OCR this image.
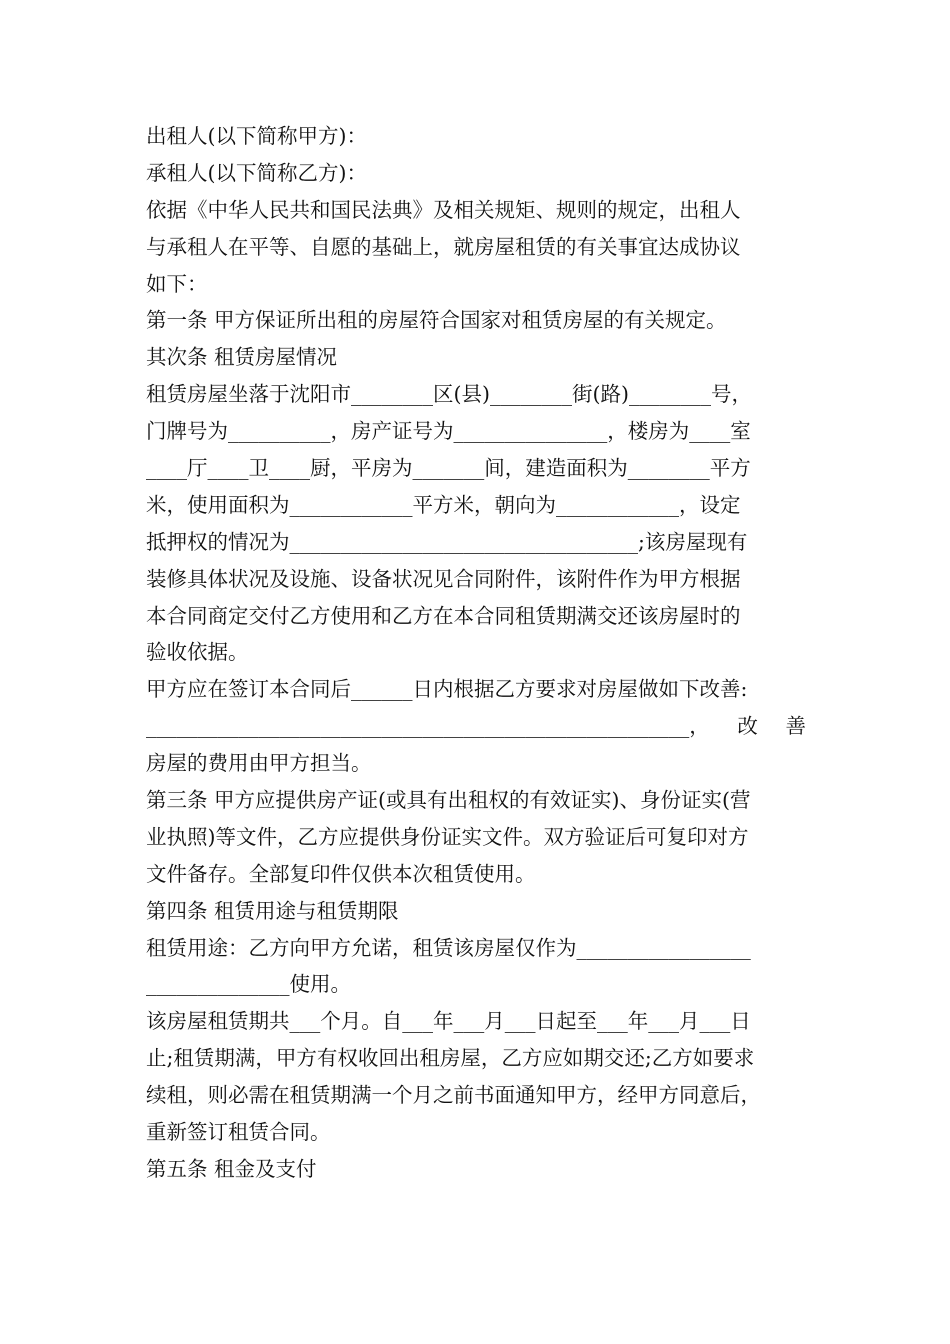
出租人(以下简称甲方)：
承租人(以下简称乙方)：
依据《中华人民共和国民法典》及相关规矩、规则的规定，出租人
与承租人在平等、自愿的基础上，就房屋租赁的有关事宜达成协议
如下：
第一条 甲方保证所出租的房屋符合国家对租赁房屋的有关规定。
其次条 租赁房屋情况
租赁房屋坐落于沈阳市________区(县)________街(路)________号，
门牌号为__________，房产证号为_______________，楼房为____室
____厅____卫____厨，平房为_______间，建造面积为________平方
米，使用面积为____________平方米，朝向为____________，设定
抵押权的情况为__________________________________;该房屋现有
装修具体状况及设施、设备状况见合同附件，该附件作为甲方根据
本合同商定交付乙方使用和乙方在本合同租赁期满交还该房屋时的
验收依据。
甲方应在签订本合同后______日内根据乙方要求对房屋做如下改善:
_____________________________________________________， 改 善
房屋的费用由甲方担当。
第三条 甲方应提供房产证(或具有出租权的有效证实)、身份证实(营
业执照)等文件，乙方应提供身份证实文件。双方验证后可复印对方
文件备存。全部复印件仅供本次租赁使用。
第四条 租赁用途与租赁期限
租赁用途：乙方向甲方允诺，租赁该房屋仅作为_________________
______________使用。
该房屋租赁期共___个月。自___年___月___日起至___年___月___日
止;租赁期满，甲方有权收回出租房屋，乙方应如期交还;乙方如要求
续租，则必需在租赁期满一个月之前书面通知甲方，经甲方同意后，
重新签订租赁合同。
第五条 租金及支付
